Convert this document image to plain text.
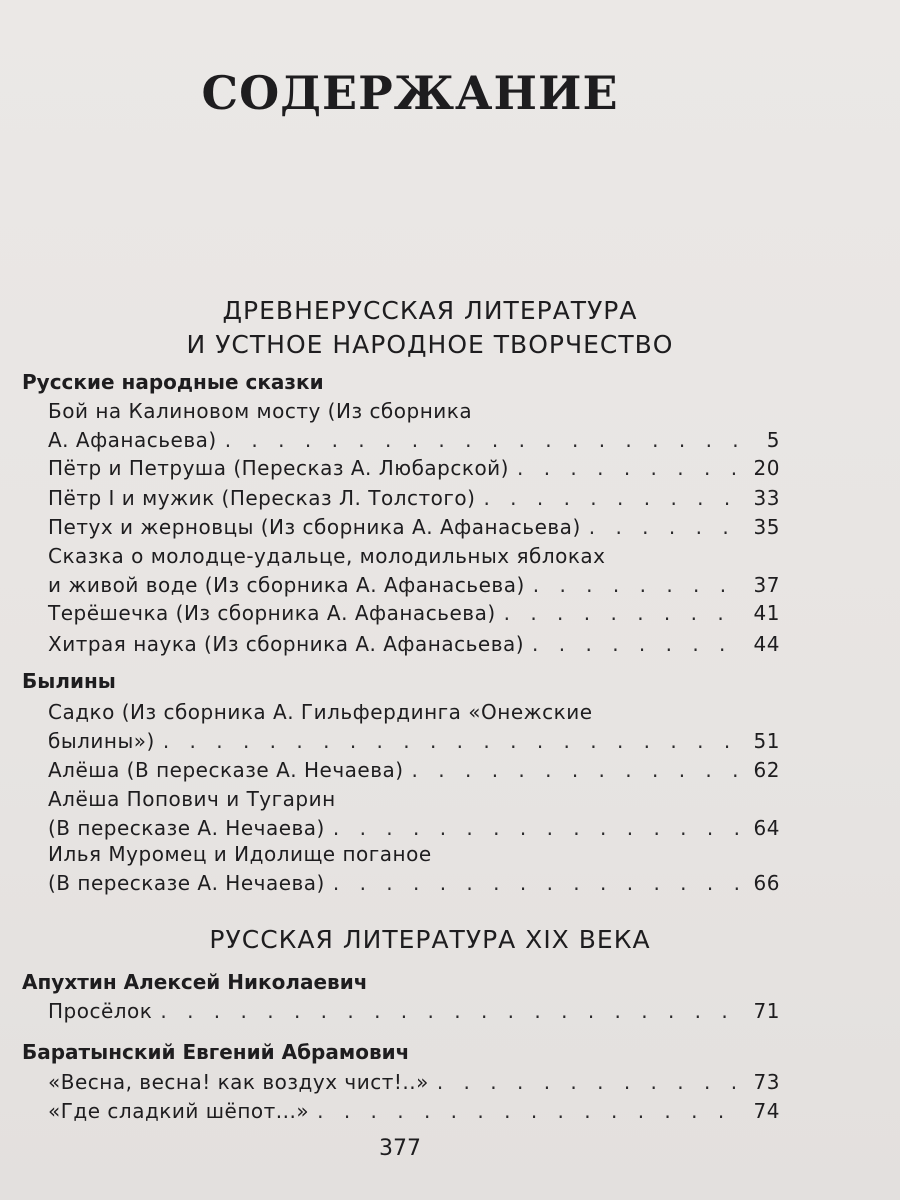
СОДЕРЖАНИЕ
ДРЕВНЕРУССКАЯ ЛИТЕРАТУРА
И УСТНОЕ НАРОДНОЕ ТВОРЧЕСТВО
Русские народные сказки
Бой на Калиновом мосту (Из сборника
А. Афанасьева) . . .	5
Пётр и Петруша (Пересказ А. Любарской) . . .	20
Пётр I и мужик (Пересказ Л. Толстого) . . .	33
Петух и жерновцы (Из сборника А. Афанасьева) . . .	35
Сказка о молодце-удальце, молодильных яблоках
и живой воде (Из сборника А. Афанасьева) . . .	37
Терёшечка (Из сборника А. Афанасьева) . . .	41
Хитрая наука (Из сборника А. Афанасьева) . . .	44
Былины
Садко (Из сборника А. Гильфердинга «Онежские
былины») . . .	51
Алёша (В пересказе А. Нечаева) . . .	62
Алёша Попович и Тугарин
(В пересказе А. Нечаева) . . .	64
Илья Муромец и Идолище поганое
(В пересказе А. Нечаева) . . .	66
РУССКАЯ ЛИТЕРАТУРА XIX ВЕКА
Апухтин Алексей Николаевич
Просёлок . . .	71
Баратынский Евгений Абрамович
«Весна, весна! как воздух чист!..» . . .	73
«Где сладкий шёпот...» . . .	74
377
